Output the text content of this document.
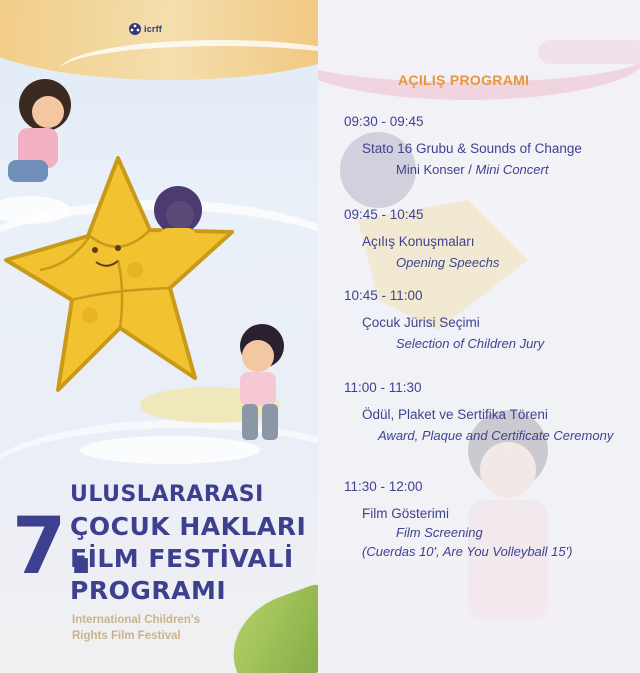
icrff
7.
ULUSLARARASI
ÇOCUK HAKLARI
FİLM FESTİVALİ
PROGRAMI
International Children's
Rights Film Festival
AÇILIŞ PROGRAMI
09:30 - 09:45
Stato 16 Grubu & Sounds of Change
Mini Konser / Mini Concert
09:45 - 10:45
Açılış Konuşmaları
Opening Speechs
10:45 - 11:00
Çocuk Jürisi Seçimi
Selection of Children Jury
11:00 - 11:30
Ödül, Plaket ve Sertifika Töreni
Award, Plaque and Certificate Ceremony
11:30 - 12:00
Film Gösterimi
Film Screening
(Cuerdas 10', Are You Volleyball 15')
